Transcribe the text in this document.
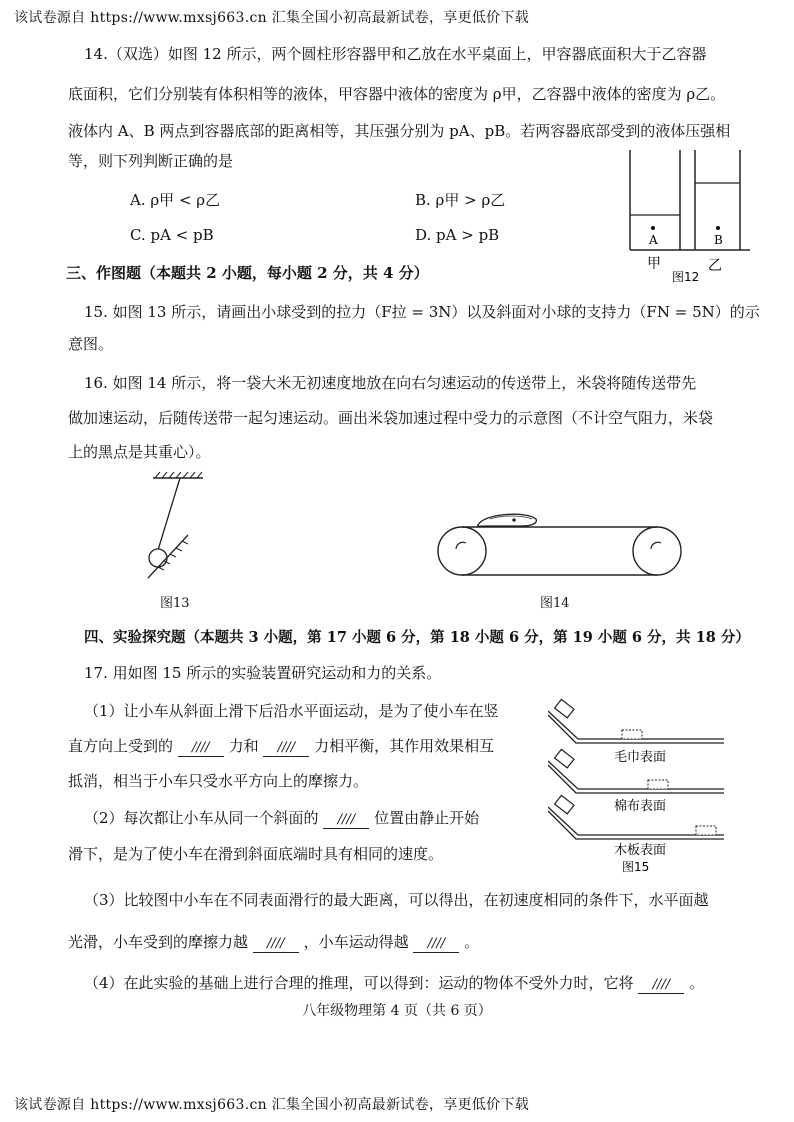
该试卷源自 https://www.mxsj663.cn 汇集全国小初高最新试卷，享更低价下载
14.（双选）如图 12 所示，两个圆柱形容器甲和乙放在水平桌面上，甲容器底面积大于乙容器
底面积，它们分别装有体积相等的液体，甲容器中液体的密度为 ρ甲，乙容器中液体的密度为 ρ乙。
液体内 A、B 两点到容器底部的距离相等，其压强分别为 pA、pB。若两容器底部受到的液体压强相
等，则下列判断正确的是
A. ρ甲 < ρ乙	B. ρ甲 > ρ乙
C. pA < pB	D. pA > pB	A	B
甲	乙
图12
三、作图题（本题共 2 小题，每小题 2 分，共 4 分）
15. 如图 13 所示，请画出小球受到的拉力（F拉 = 3N）以及斜面对小球的支持力（FN = 5N）的示
意图。
16. 如图 14 所示，将一袋大米无初速度地放在向右匀速运动的传送带上，米袋将随传送带先
做加速运动，后随传送带一起匀速运动。画出米袋加速过程中受力的示意图（不计空气阻力，米袋
上的黑点是其重心）。
图13	图14
四、实验探究题（本题共 3 小题，第 17 小题 6 分，第 18 小题 6 分，第 19 小题 6 分，共 18 分）
17. 用如图 15 所示的实验装置研究运动和力的关系。
（1）让小车从斜面上滑下后沿水平面运动，是为了使小车在竖
直方向上受到的 //// 力和 //// 力相平衡，其作用效果相互
抵消，相当于小车只受水平方向上的摩擦力。
（2）每次都让小车从同一个斜面的 //// 位置由静止开始
滑下，是为了使小车在滑到斜面底端时具有相同的速度。
（3）比较图中小车在不同表面滑行的最大距离，可以得出，在初速度相同的条件下，水平面越
光滑，小车受到的摩擦力越 //// ，小车运动得越 //// 。
（4）在此实验的基础上进行合理的推理，可以得到：运动的物体不受外力时，它将 //// 。
毛巾表面
棉布表面
木板表面
图15
八年级物理第 4 页（共 6 页）
该试卷源自 https://www.mxsj663.cn 汇集全国小初高最新试卷，享更低价下载
